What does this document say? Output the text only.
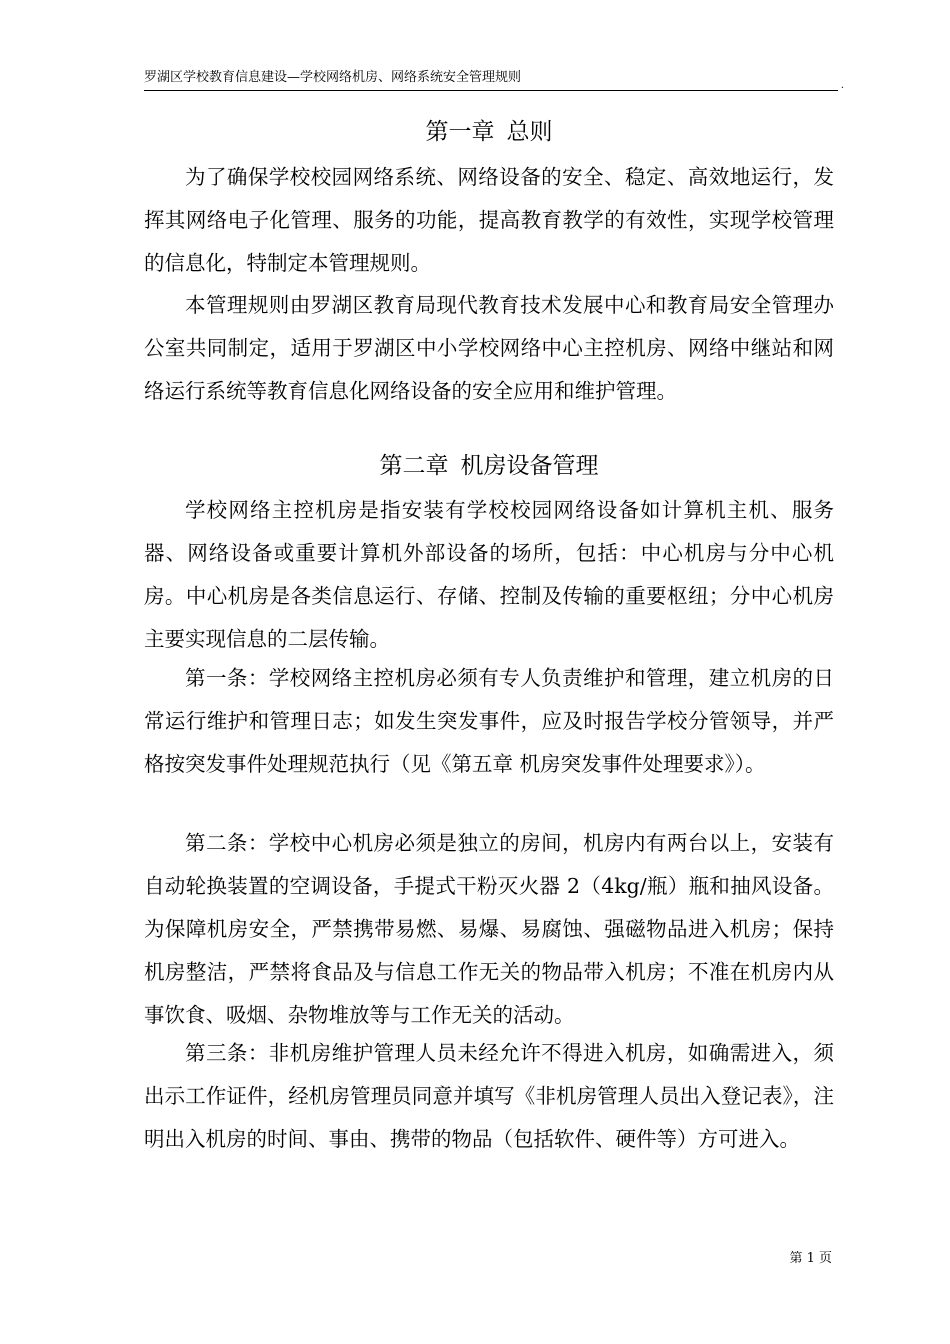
罗湖区学校教育信息建设—学校网络机房、网络系统安全管理规则
.
第一章 总则

为了确保学校校园网络系统、网络设备的安全、稳定、高效地运行，发挥其网络电子化管理、服务的功能，提高教育教学的有效性，实现学校管理的信息化，特制定本管理规则。

本管理规则由罗湖区教育局现代教育技术发展中心和教育局安全管理办公室共同制定，适用于罗湖区中小学校网络中心主控机房、网络中继站和网络运行系统等教育信息化网络设备的安全应用和维护管理。

第二章 机房设备管理

学校网络主控机房是指安装有学校校园网络设备如计算机主机、服务器、网络设备或重要计算机外部设备的场所，包括：中心机房与分中心机房。中心机房是各类信息运行、存储、控制及传输的重要枢纽；分中心机房主要实现信息的二层传输。

第一条：学校网络主控机房必须有专人负责维护和管理，建立机房的日常运行维护和管理日志；如发生突发事件，应及时报告学校分管领导，并严格按突发事件处理规范执行（见《第五章 机房突发事件处理要求》）。

第二条：学校中心机房必须是独立的房间，机房内有两台以上，安装有自动轮换装置的空调设备，手提式干粉灭火器 2（4kg/瓶）瓶和抽风设备。为保障机房安全，严禁携带易燃、易爆、易腐蚀、强磁物品进入机房；保持机房整洁，严禁将食品及与信息工作无关的物品带入机房；不准在机房内从事饮食、吸烟、杂物堆放等与工作无关的活动。

第三条：非机房维护管理人员未经允许不得进入机房，如确需进入，须出示工作证件，经机房管理员同意并填写《非机房管理人员出入登记表》，注明出入机房的时间、事由、携带的物品（包括软件、硬件等）方可进入。

第 1 页
